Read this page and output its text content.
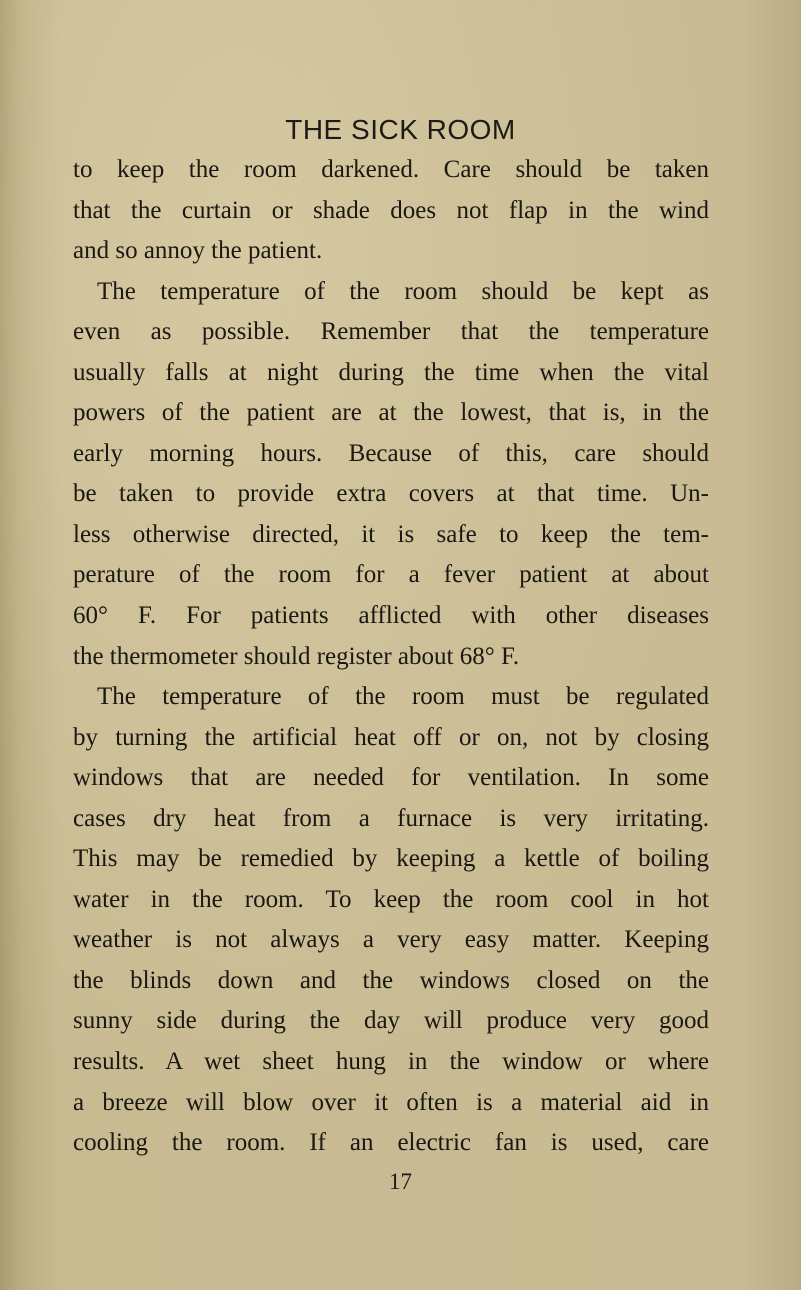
THE SICK ROOM
to keep the room darkened. Care should be taken
that the curtain or shade does not flap in the wind
and so annoy the patient.
The temperature of the room should be kept as
even as possible. Remember that the temperature
usually falls at night during the time when the vital
powers of the patient are at the lowest, that is, in the
early morning hours. Because of this, care should
be taken to provide extra covers at that time. Un-
less otherwise directed, it is safe to keep the tem-
perature of the room for a fever patient at about
60° F. For patients afflicted with other diseases
the thermometer should register about 68° F.
The temperature of the room must be regulated
by turning the artificial heat off or on, not by closing
windows that are needed for ventilation. In some
cases dry heat from a furnace is very irritating.
This may be remedied by keeping a kettle of boiling
water in the room. To keep the room cool in hot
weather is not always a very easy matter. Keeping
the blinds down and the windows closed on the
sunny side during the day will produce very good
results. A wet sheet hung in the window or where
a breeze will blow over it often is a material aid in
cooling the room. If an electric fan is used, care
17
